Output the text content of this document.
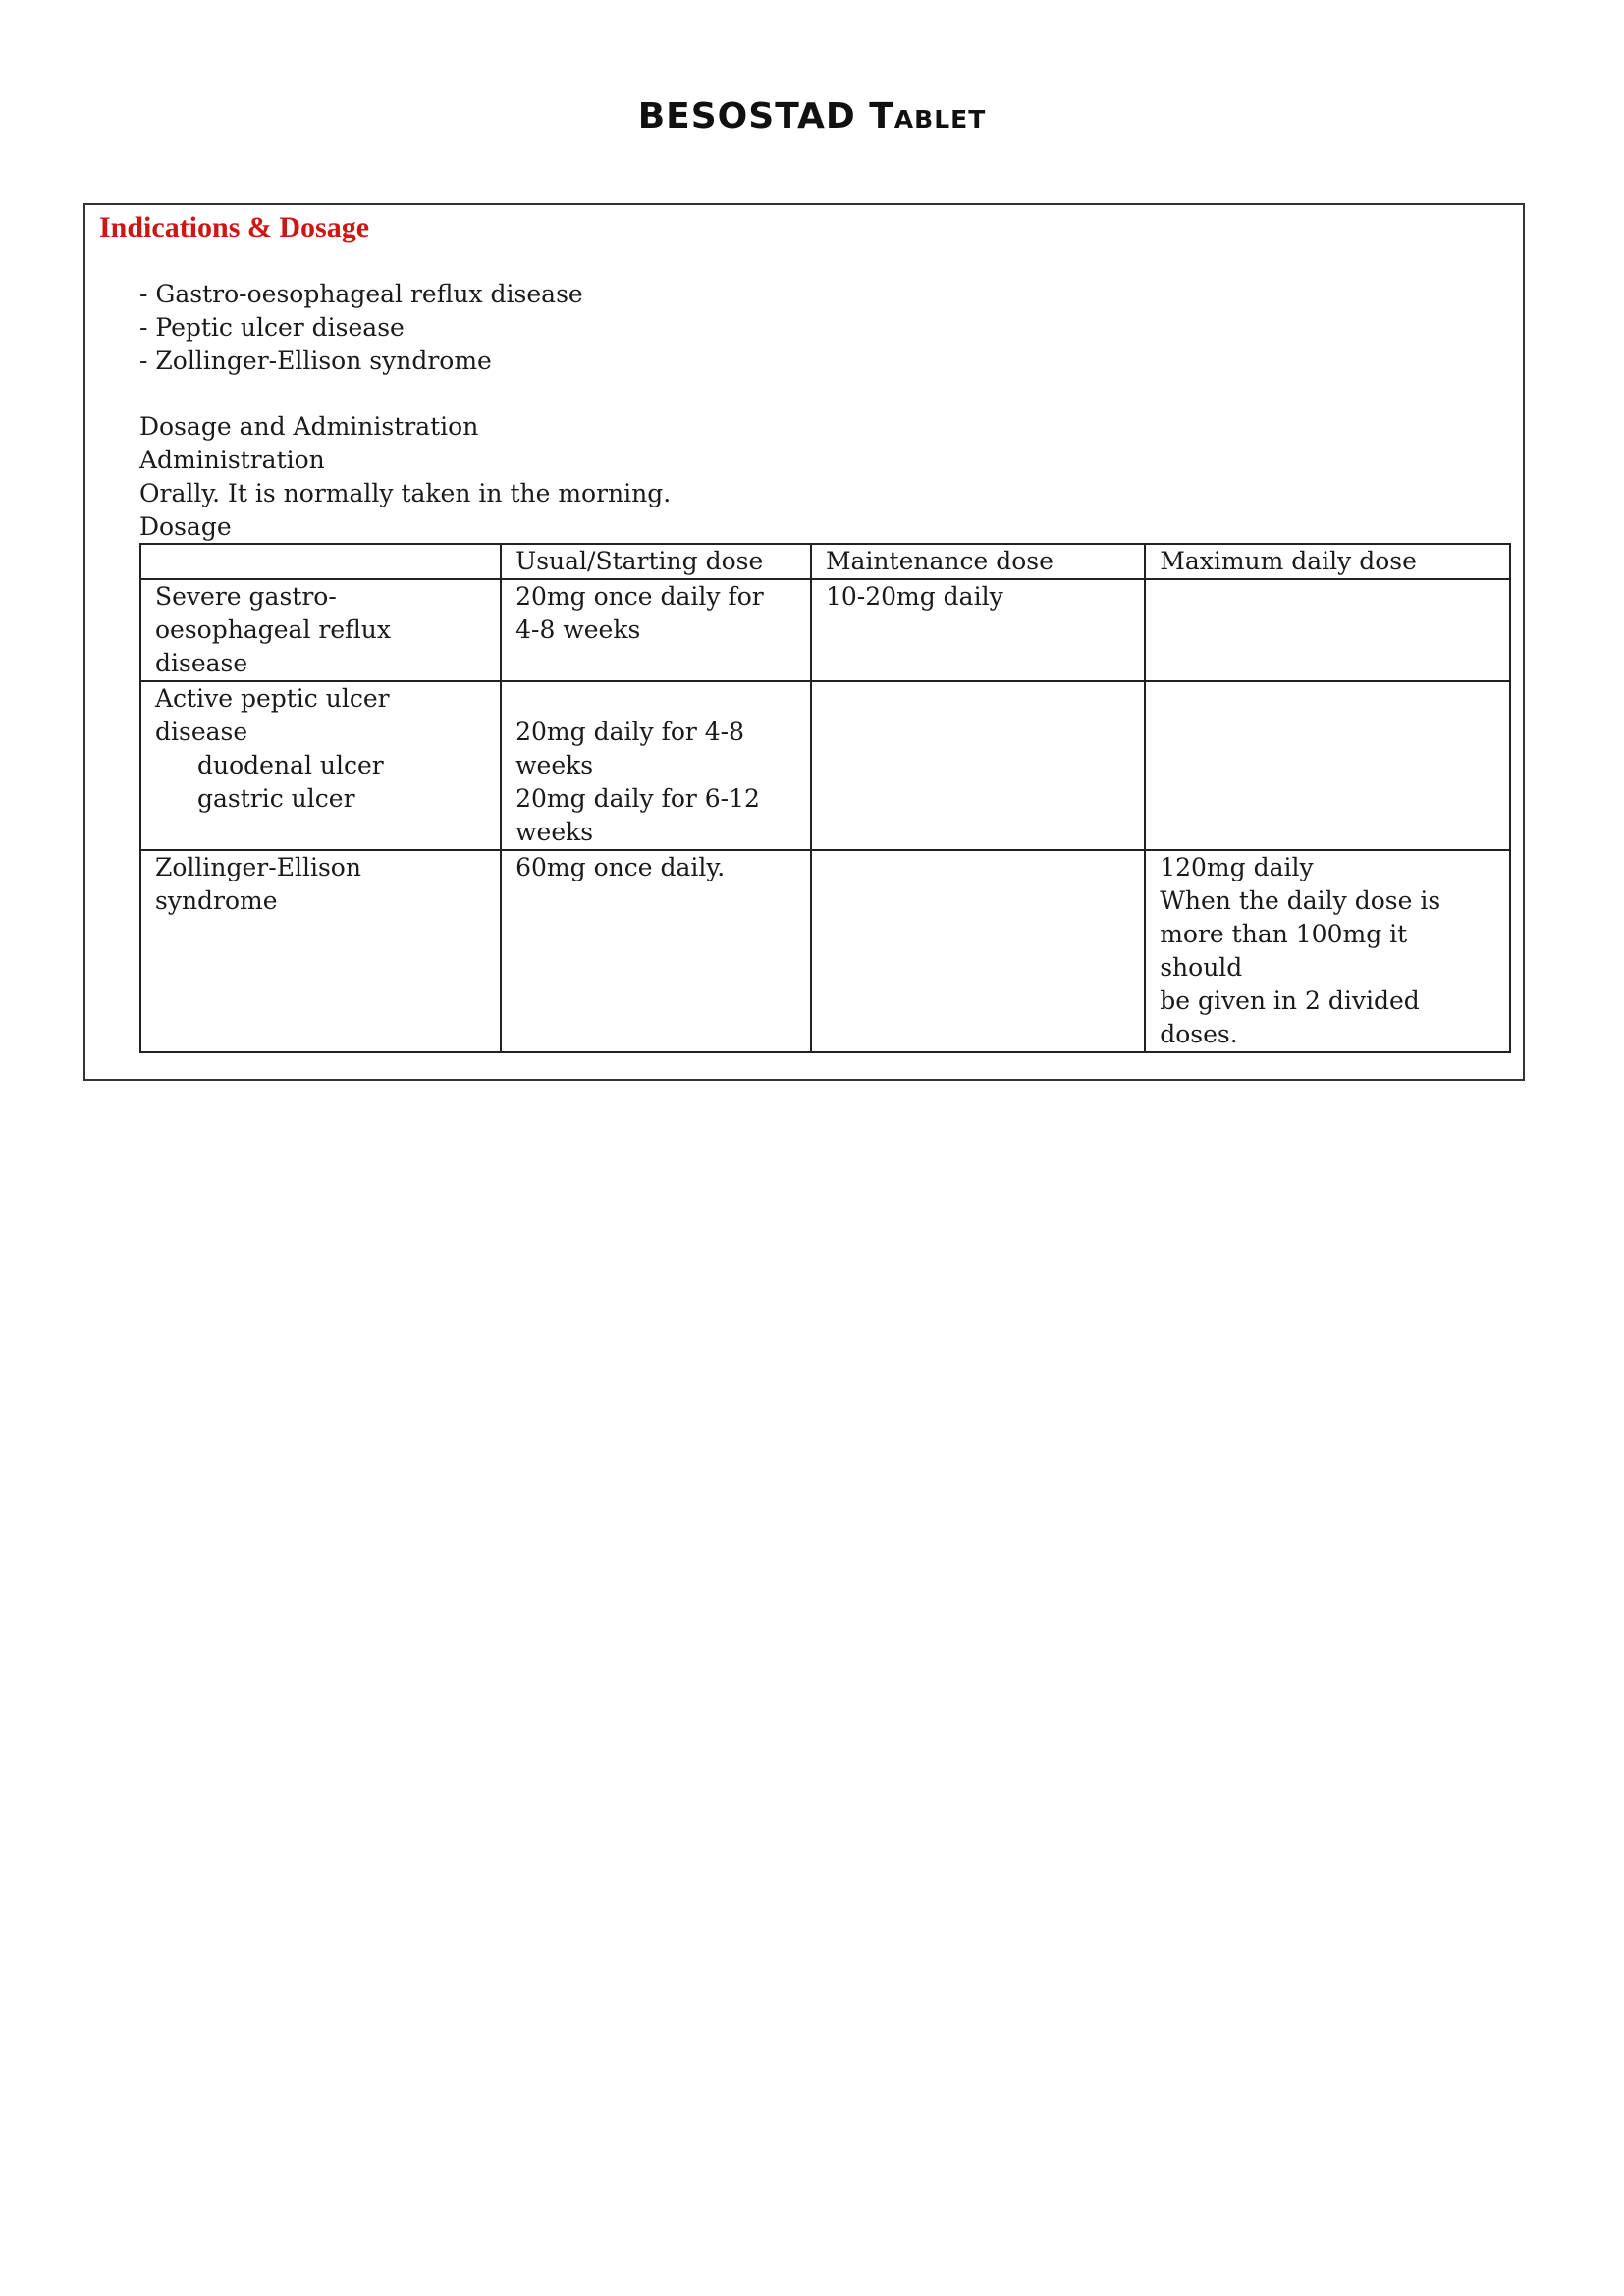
BESOSTAD Tablet
Indications & Dosage
- Gastro-oesophageal reflux disease
- Peptic ulcer disease
- Zollinger-Ellison syndrome
Dosage and Administration
Administration
Orally. It is normally taken in the morning.
Dosage
	Usual/Starting dose	Maintenance dose	Maximum daily dose

Severe gastro-
oesophageal reflux
disease	20mg once daily for
4-8 weeks	10-20mg daily	

Active peptic ulcer
disease
duodenal ulcer
gastric ulcer	20mg daily for 4-8
weeks
20mg daily for 6-12
weeks		

Zollinger-Ellison
syndrome	60mg once daily.		120mg daily
When the daily dose is
more than 100mg it should
be given in 2 divided
doses.
